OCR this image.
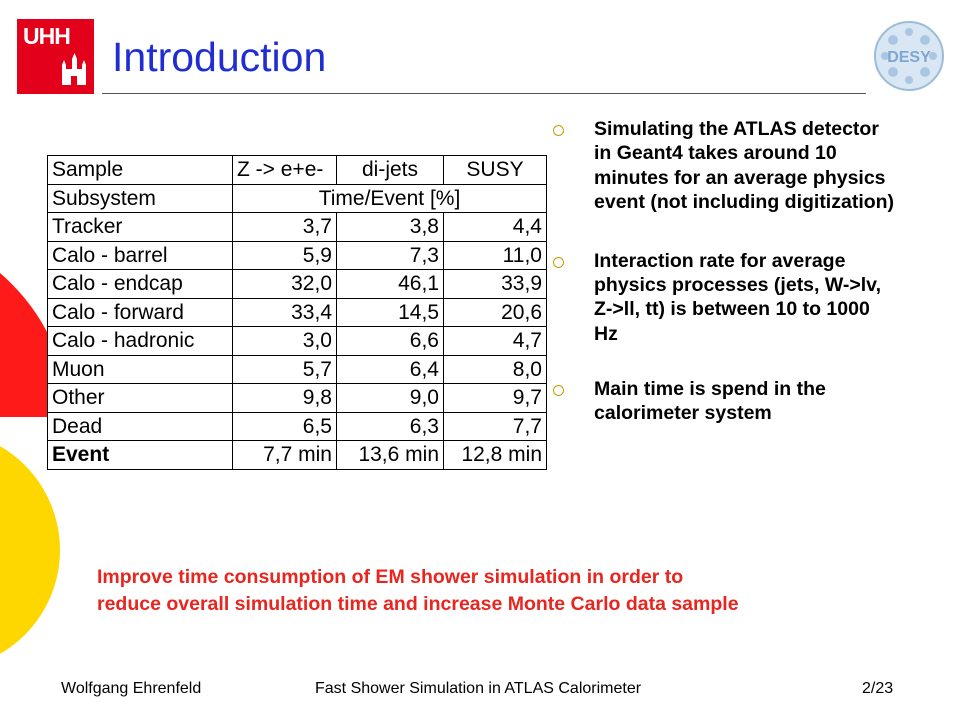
UHH
DESY
Introduction
Sample	Z -> e+e-	di-jets	SUSY
Subsystem	Time/Event [%]		
Tracker	3,7	3,8	4,4
Calo - barrel	5,9	7,3	11,0
Calo - endcap	32,0	46,1	33,9
Calo - forward	33,4	14,5	20,6
Calo - hadronic	3,0	6,6	4,7
Muon	5,7	6,4	8,0
Other	9,8	9,0	9,7
Dead	6,5	6,3	7,7
Event	7,7 min	13,6 min	12,8 min
Simulating the ATLAS detector in Geant4 takes around 10 minutes for an average physics event (not including digitization)
Interaction rate for average physics processes (jets, W->lv, Z->ll, tt) is between 10 to 1000 Hz
Main time is spend in the calorimeter system
Improve time consumption of EM shower simulation in order to
reduce overall simulation time and increase Monte Carlo data sample
Wolfgang Ehrenfeld	Fast Shower Simulation in ATLAS Calorimeter	2/23
